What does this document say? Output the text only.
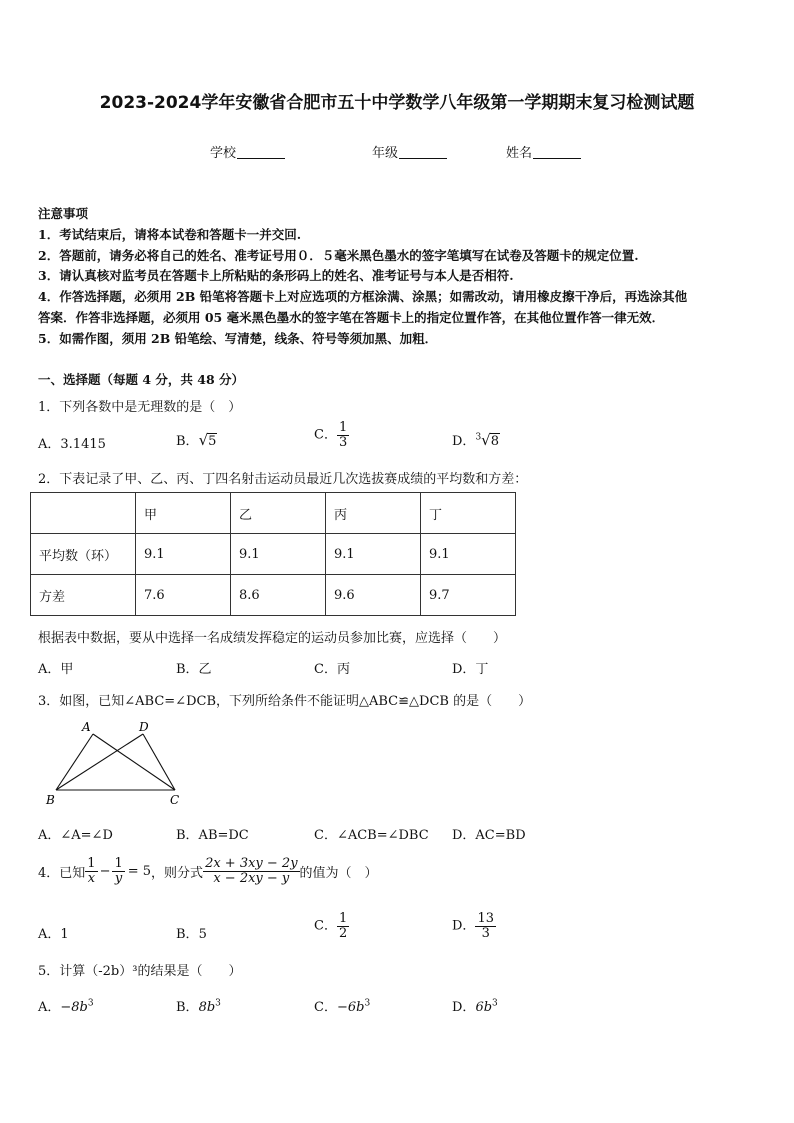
2023-2024学年安徽省合肥市五十中学数学八年级第一学期期末复习检测试题
学校	年级	姓名
注意事项
1．考试结束后，请将本试卷和答题卡一并交回.
2．答题前，请务必将自己的姓名、准考证号用０．５毫米黑色墨水的签字笔填写在试卷及答题卡的规定位置.
3．请认真核对监考员在答题卡上所粘贴的条形码上的姓名、准考证号与本人是否相符.
4．作答选择题，必须用 2B 铅笔将答题卡上对应选项的方框涂满、涂黑；如需改动，请用橡皮擦干净后，再选涂其他
答案．作答非选择题，必须用 05 毫米黑色墨水的签字笔在答题卡上的指定位置作答，在其他位置作答一律无效．
5．如需作图，须用 2B 铅笔绘、写清楚，线条、符号等须加黑、加粗．
一、选择题（每题 4 分，共 48 分）
1．下列各数中是无理数的是（　）
A．3.1415	B．√5	C． $\frac{1}{3}$	D．$^3$√8
2．下表记录了甲、乙、丙、丁四名射击运动员最近几次选拔赛成绩的平均数和方差：
	甲	乙	丙	丁
平均数（环）	9.1	9.1	9.1	9.1
方差	7.6	8.6	9.6	9.7
根据表中数据，要从中选择一名成绩发挥稳定的运动员参加比赛，应选择（　　）
A．甲	B．乙	C．丙	D．丁
3．如图，已知∠ABC=∠DCB，下列所给条件不能证明△ABC≌△DCB 的是（　　）
A	D
B	C
A．∠A=∠D	B．AB=DC	C．∠ACB=∠DBC D．AC=BD
4．已知 $\frac{1}{x} - \frac{1}{y} = 5$ ，则分式 $\frac{2x + 3xy - 2y}{x - 2xy - y}$ 的值为（　）
A．1	B．5
C． $\frac{1}{2}$	D． $\frac{13}{3}$
5．计算（-2b）³的结果是（　　）
A．$-8b^3$	B．$8b^3$	C．$-6b^3$	D．$6b^3$
